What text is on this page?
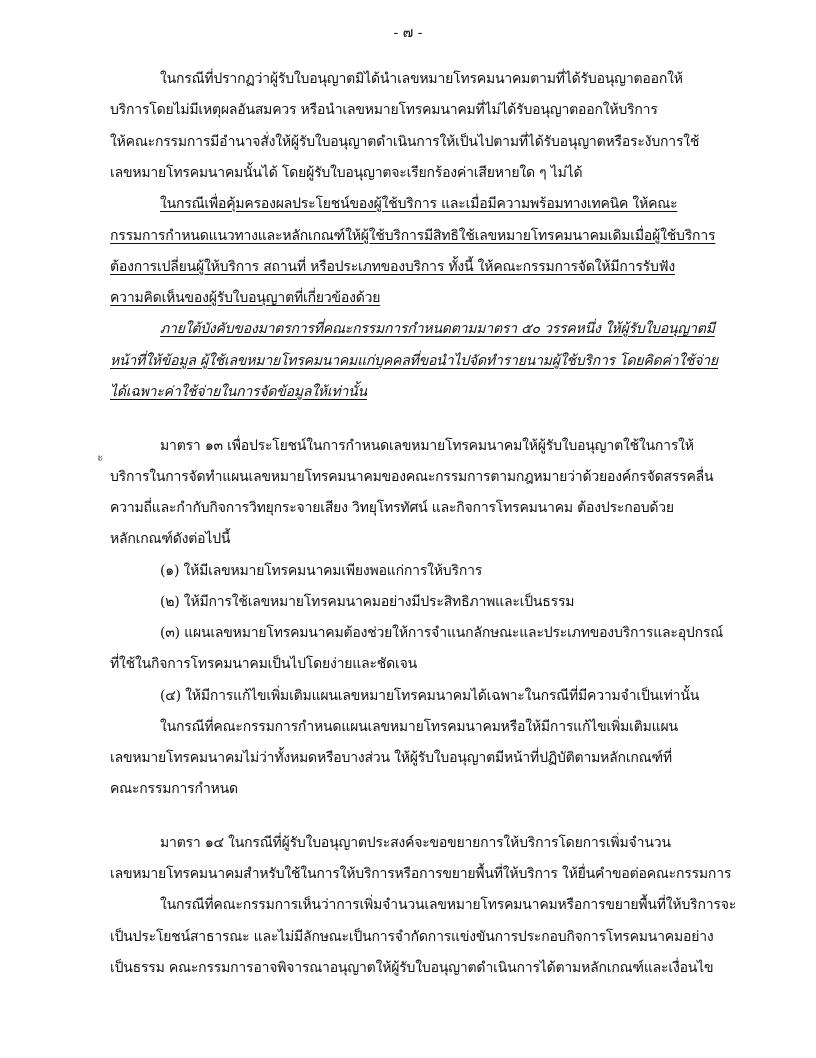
- ๗ -
ะ
ในกรณีที่ปรากฏว่าผู้รับใบอนุญาตมิได้นำเลขหมายโทรคมนาคมตามที่ได้รับอนุญาตออกให้
บริการโดยไม่มีเหตุผลอันสมควร หรือนำเลขหมายโทรคมนาคมที่ไม่ได้รับอนุญาตออกให้บริการ
ให้คณะกรรมการมีอำนาจสั่งให้ผู้รับใบอนุญาตดำเนินการให้เป็นไปตามที่ได้รับอนุญาตหรือระงับการใช้
เลขหมายโทรคมนาคมนั้นได้ โดยผู้รับใบอนุญาตจะเรียกร้องค่าเสียหายใด ๆ ไม่ได้
ในกรณีเพื่อคุ้มครองผลประโยชน์ของผู้ใช้บริการ และเมื่อมีความพร้อมทางเทคนิค ให้คณะ
กรรมการกำหนดแนวทางและหลักเกณฑ์ให้ผู้ใช้บริการมีสิทธิใช้เลขหมายโทรคมนาคมเดิมเมื่อผู้ใช้บริการ
ต้องการเปลี่ยนผู้ให้บริการ สถานที่ หรือประเภทของบริการ ทั้งนี้ ให้คณะกรรมการจัดให้มีการรับฟัง
ความคิดเห็นของผู้รับใบอนุญาตที่เกี่ยวข้องด้วย
ภายใต้บังคับของมาตรการที่คณะกรรมการกำหนดตามมาตรา ๕๐ วรรคหนึ่ง ให้ผู้รับใบอนุญาตมี
หน้าที่ให้ข้อมูล ผู้ใช้เลขหมายโทรคมนาคมแก่บุคคลที่ขอนำไปจัดทำรายนามผู้ใช้บริการ โดยคิดค่าใช้จ่าย
ได้เฉพาะค่าใช้จ่ายในการจัดข้อมูลให้เท่านั้น
มาตรา ๑๓ เพื่อประโยชน์ในการกำหนดเลขหมายโทรคมนาคมให้ผู้รับใบอนุญาตใช้ในการให้
บริการในการจัดทำแผนเลขหมายโทรคมนาคมของคณะกรรมการตามกฎหมายว่าด้วยองค์กรจัดสรรคลื่น
ความถี่และกำกับกิจการวิทยุกระจายเสียง วิทยุโทรทัศน์ และกิจการโทรคมนาคม ต้องประกอบด้วย
หลักเกณฑ์ดังต่อไปนี้
(๑) ให้มีเลขหมายโทรคมนาคมเพียงพอแก่การให้บริการ
(๒) ให้มีการใช้เลขหมายโทรคมนาคมอย่างมีประสิทธิภาพและเป็นธรรม
(๓) แผนเลขหมายโทรคมนาคมต้องช่วยให้การจำแนกลักษณะและประเภทของบริการและอุปกรณ์
ที่ใช้ในกิจการโทรคมนาคมเป็นไปโดยง่ายและชัดเจน
(๔) ให้มีการแก้ไขเพิ่มเติมแผนเลขหมายโทรคมนาคมได้เฉพาะในกรณีที่มีความจำเป็นเท่านั้น
ในกรณีที่คณะกรรมการกำหนดแผนเลขหมายโทรคมนาคมหรือให้มีการแก้ไขเพิ่มเติมแผน
เลขหมายโทรคมนาคมไม่ว่าทั้งหมดหรือบางส่วน ให้ผู้รับใบอนุญาตมีหน้าที่ปฏิบัติตามหลักเกณฑ์ที่
คณะกรรมการกำหนด
มาตรา ๑๔ ในกรณีที่ผู้รับใบอนุญาตประสงค์จะขอขยายการให้บริการโดยการเพิ่มจำนวน
เลขหมายโทรคมนาคมสำหรับใช้ในการให้บริการหรือการขยายพื้นที่ให้บริการ ให้ยื่นคำขอต่อคณะกรรมการ
ในกรณีที่คณะกรรมการเห็นว่าการเพิ่มจำนวนเลขหมายโทรคมนาคมหรือการขยายพื้นที่ให้บริการจะ
เป็นประโยชน์สาธารณะ และไม่มีลักษณะเป็นการจำกัดการแข่งขันการประกอบกิจการโทรคมนาคมอย่าง
เป็นธรรม คณะกรรมการอาจพิจารณาอนุญาตให้ผู้รับใบอนุญาตดำเนินการได้ตามหลักเกณฑ์และเงื่อนไข
